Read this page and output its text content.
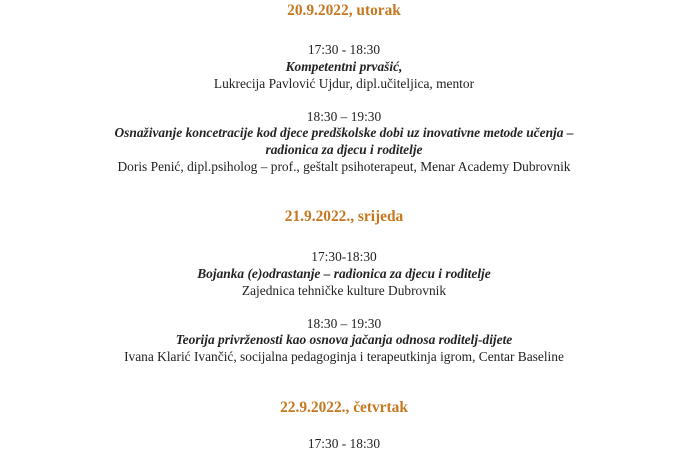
20.9.2022, utorak
17:30 - 18:30
Kompetentni prvašić,
Lukrecija Pavlović Ujdur, dipl.učiteljica, mentor
18:30 – 19:30
Osnaživanje koncetracije kod djece predškolske dobi uz inovativne metode učenja –
radionica za djecu i roditelje
Doris Penić, dipl.psiholog – prof., geštalt psihoterapeut, Menar Academy Dubrovnik
21.9.2022., srijeda
17:30-18:30
Bojanka (e)odrastanje – radionica za djecu i roditelje
Zajednica tehničke kulture Dubrovnik
18:30 – 19:30
Teorija privrženosti kao osnova jačanja odnosa roditelj-dijete
Ivana Klarić Ivančić, socijalna pedagoginja i terapeutkinja igrom, Centar Baseline
22.9.2022., četvrtak
17:30 - 18:30
